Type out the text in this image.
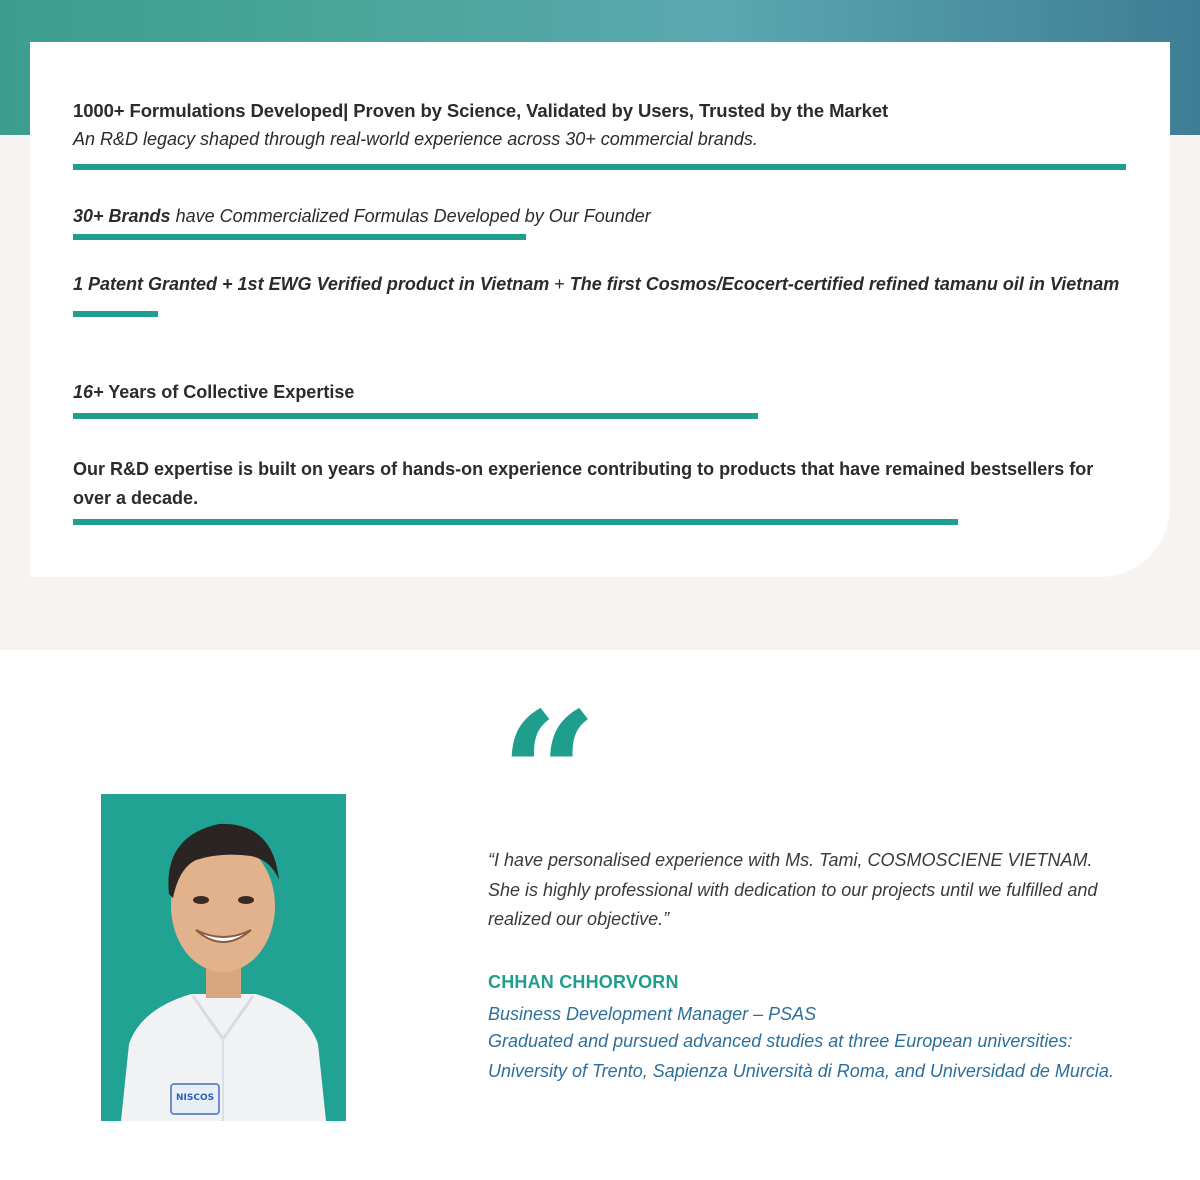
1000+ Formulations Developed| Proven by Science, Validated by Users, Trusted by the Market

An R&D legacy shaped through real-world experience across 30+ commercial brands.

30+ Brands have Commercialized Formulas Developed by Our Founder

1 Patent Granted + 1st EWG Verified product in Vietnam + The first Cosmos/Ecocert-certified refined tamanu oil in Vietnam

16+ Years of Collective Expertise

Our R&D expertise is built on years of hands-on experience contributing to products that have remained bestsellers for over a decade.

“
NISCOS
“I have personalised experience with Ms. Tami, COSMOSCIENE VIETNAM. She is highly professional with dedication to our projects until we fulfilled and realized our objective.”
CHHAN CHHORVORN
Business Development Manager – PSAS
Graduated and pursued advanced studies at three European universities: University of Trento, Sapienza Università di Roma, and Universidad de Murcia.
